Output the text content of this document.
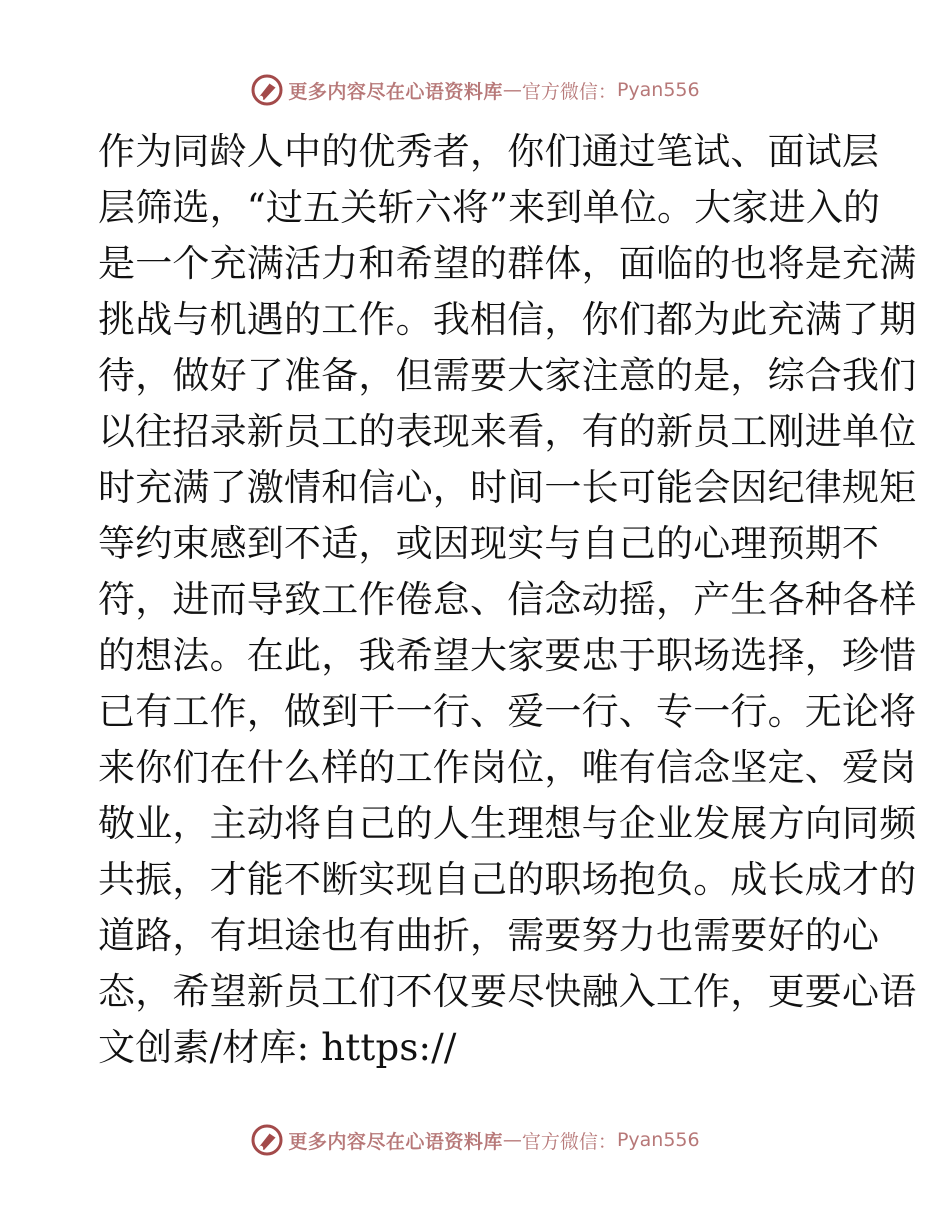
更多内容尽在心语资料库 — 官方微信： Pyan556
作为同龄人中的优秀者，你们通过笔试、面试层
层筛选，“过五关斩六将”来到单位。大家进入的
是一个充满活力和希望的群体，面临的也将是充满
挑战与机遇的工作。我相信，你们都为此充满了期
待，做好了准备，但需要大家注意的是，综合我们
以往招录新员工的表现来看，有的新员工刚进单位
时充满了激情和信心，时间一长可能会因纪律规矩
等约束感到不适，或因现实与自己的心理预期不
符，进而导致工作倦怠、信念动摇，产生各种各样
的想法。在此，我希望大家要忠于职场选择，珍惜
已有工作，做到干一行、爱一行、专一行。无论将
来你们在什么样的工作岗位，唯有信念坚定、爱岗
敬业，主动将自己的人生理想与企业发展方向同频
共振，才能不断实现自己的职场抱负。成长成才的
道路，有坦途也有曲折，需要努力也需要好的心
态，希望新员工们不仅要尽快融入工作，更要心语
文创素/材库: https://
更多内容尽在心语资料库 — 官方微信： Pyan556
